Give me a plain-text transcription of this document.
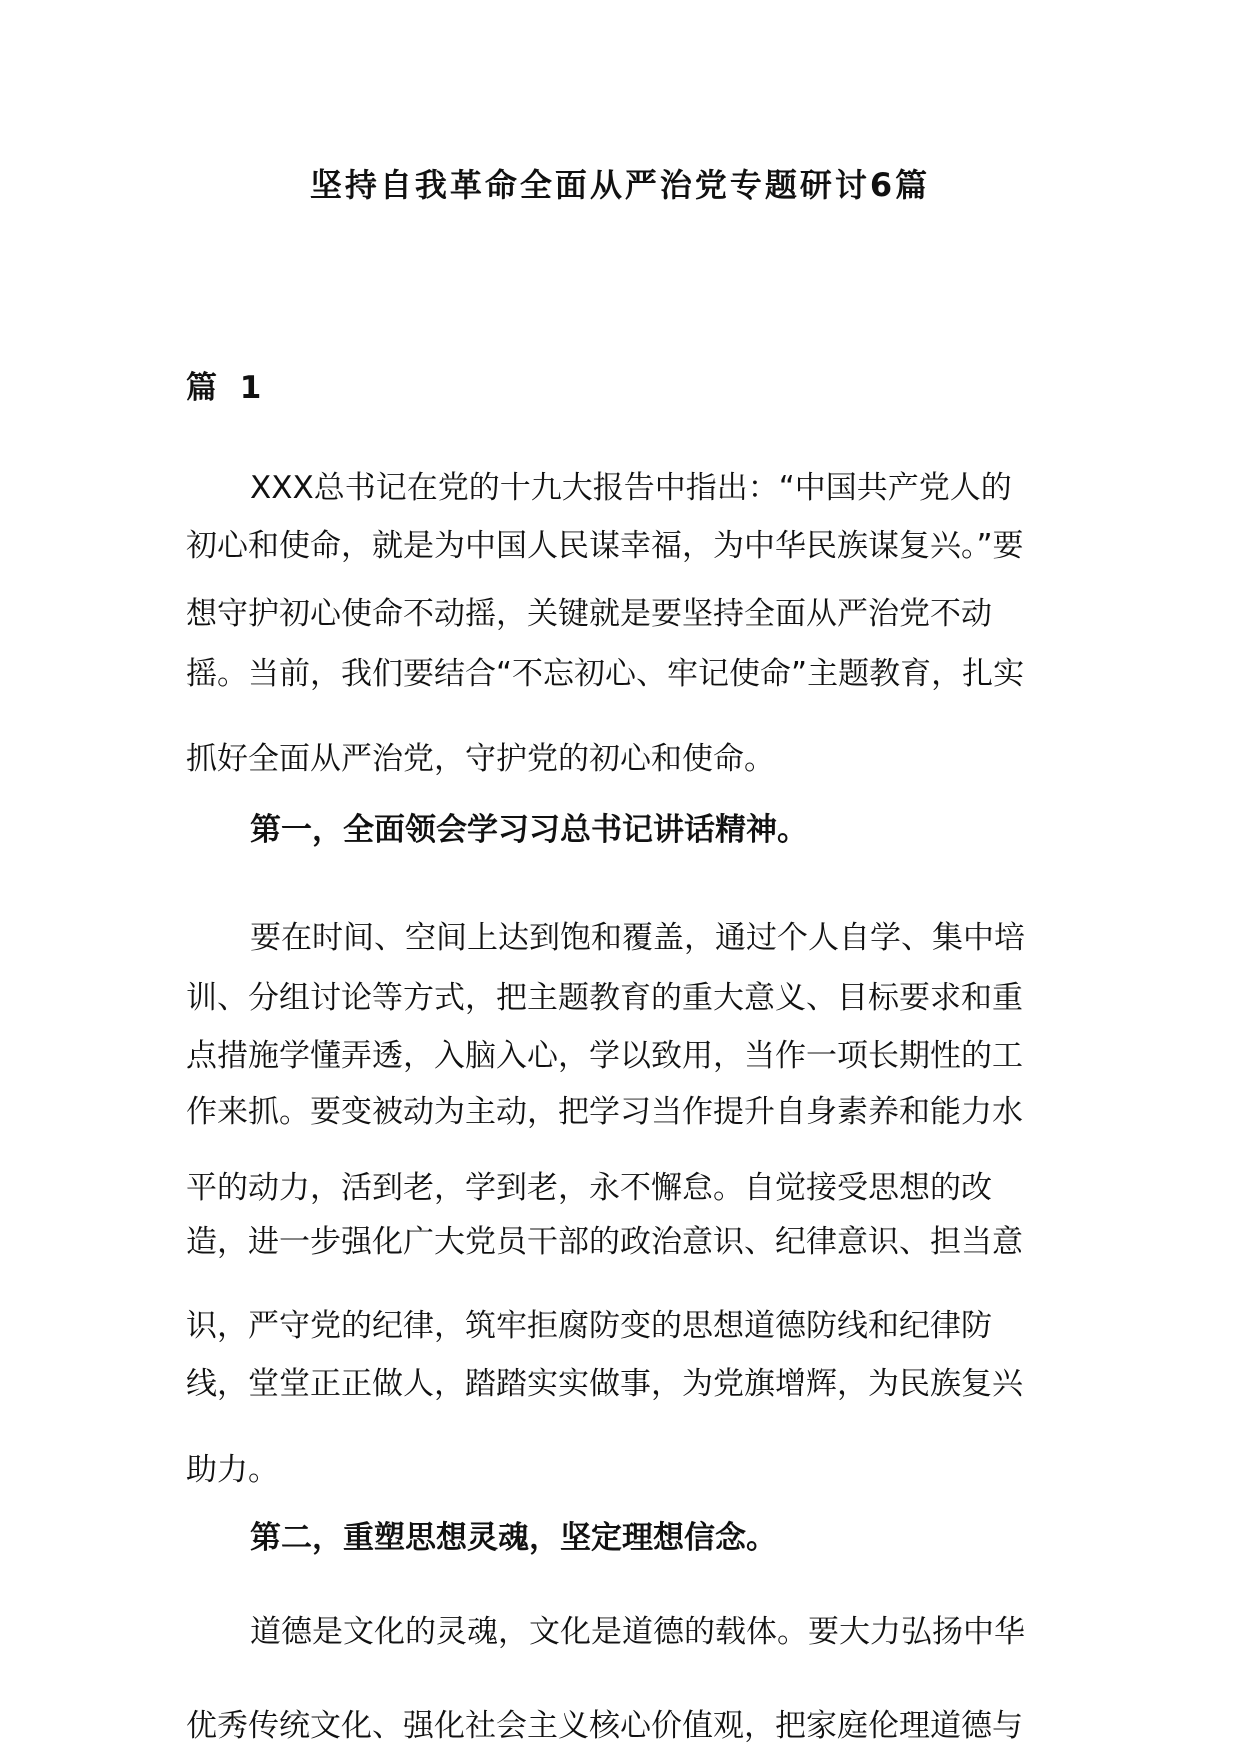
坚持自我革命全面从严治党专题研讨6篇
篇 1

XXX总书记在党的十九大报告中指出：“中国共产党人的

初心和使命，就是为中国人民谋幸福，为中华民族谋复兴。”要

想守护初心使命不动摇，关键就是要坚持全面从严治党不动

摇。当前，我们要结合“不忘初心、牢记使命”主题教育，扎实

抓好全面从严治党，守护党的初心和使命。

第一，全面领会学习习总书记讲话精神。

要在时间、空间上达到饱和覆盖，通过个人自学、集中培

训、分组讨论等方式，把主题教育的重大意义、目标要求和重

点措施学懂弄透，入脑入心，学以致用，当作一项长期性的工

作来抓。要变被动为主动，把学习当作提升自身素养和能力水

平的动力，活到老，学到老，永不懈怠。自觉接受思想的改

造，进一步强化广大党员干部的政治意识、纪律意识、担当意

识，严守党的纪律，筑牢拒腐防变的思想道德防线和纪律防

线，堂堂正正做人，踏踏实实做事，为党旗增辉，为民族复兴

助力。

第二，重塑思想灵魂，坚定理想信念。

道德是文化的灵魂，文化是道德的载体。要大力弘扬中华

优秀传统文化、强化社会主义核心价值观，把家庭伦理道德与
